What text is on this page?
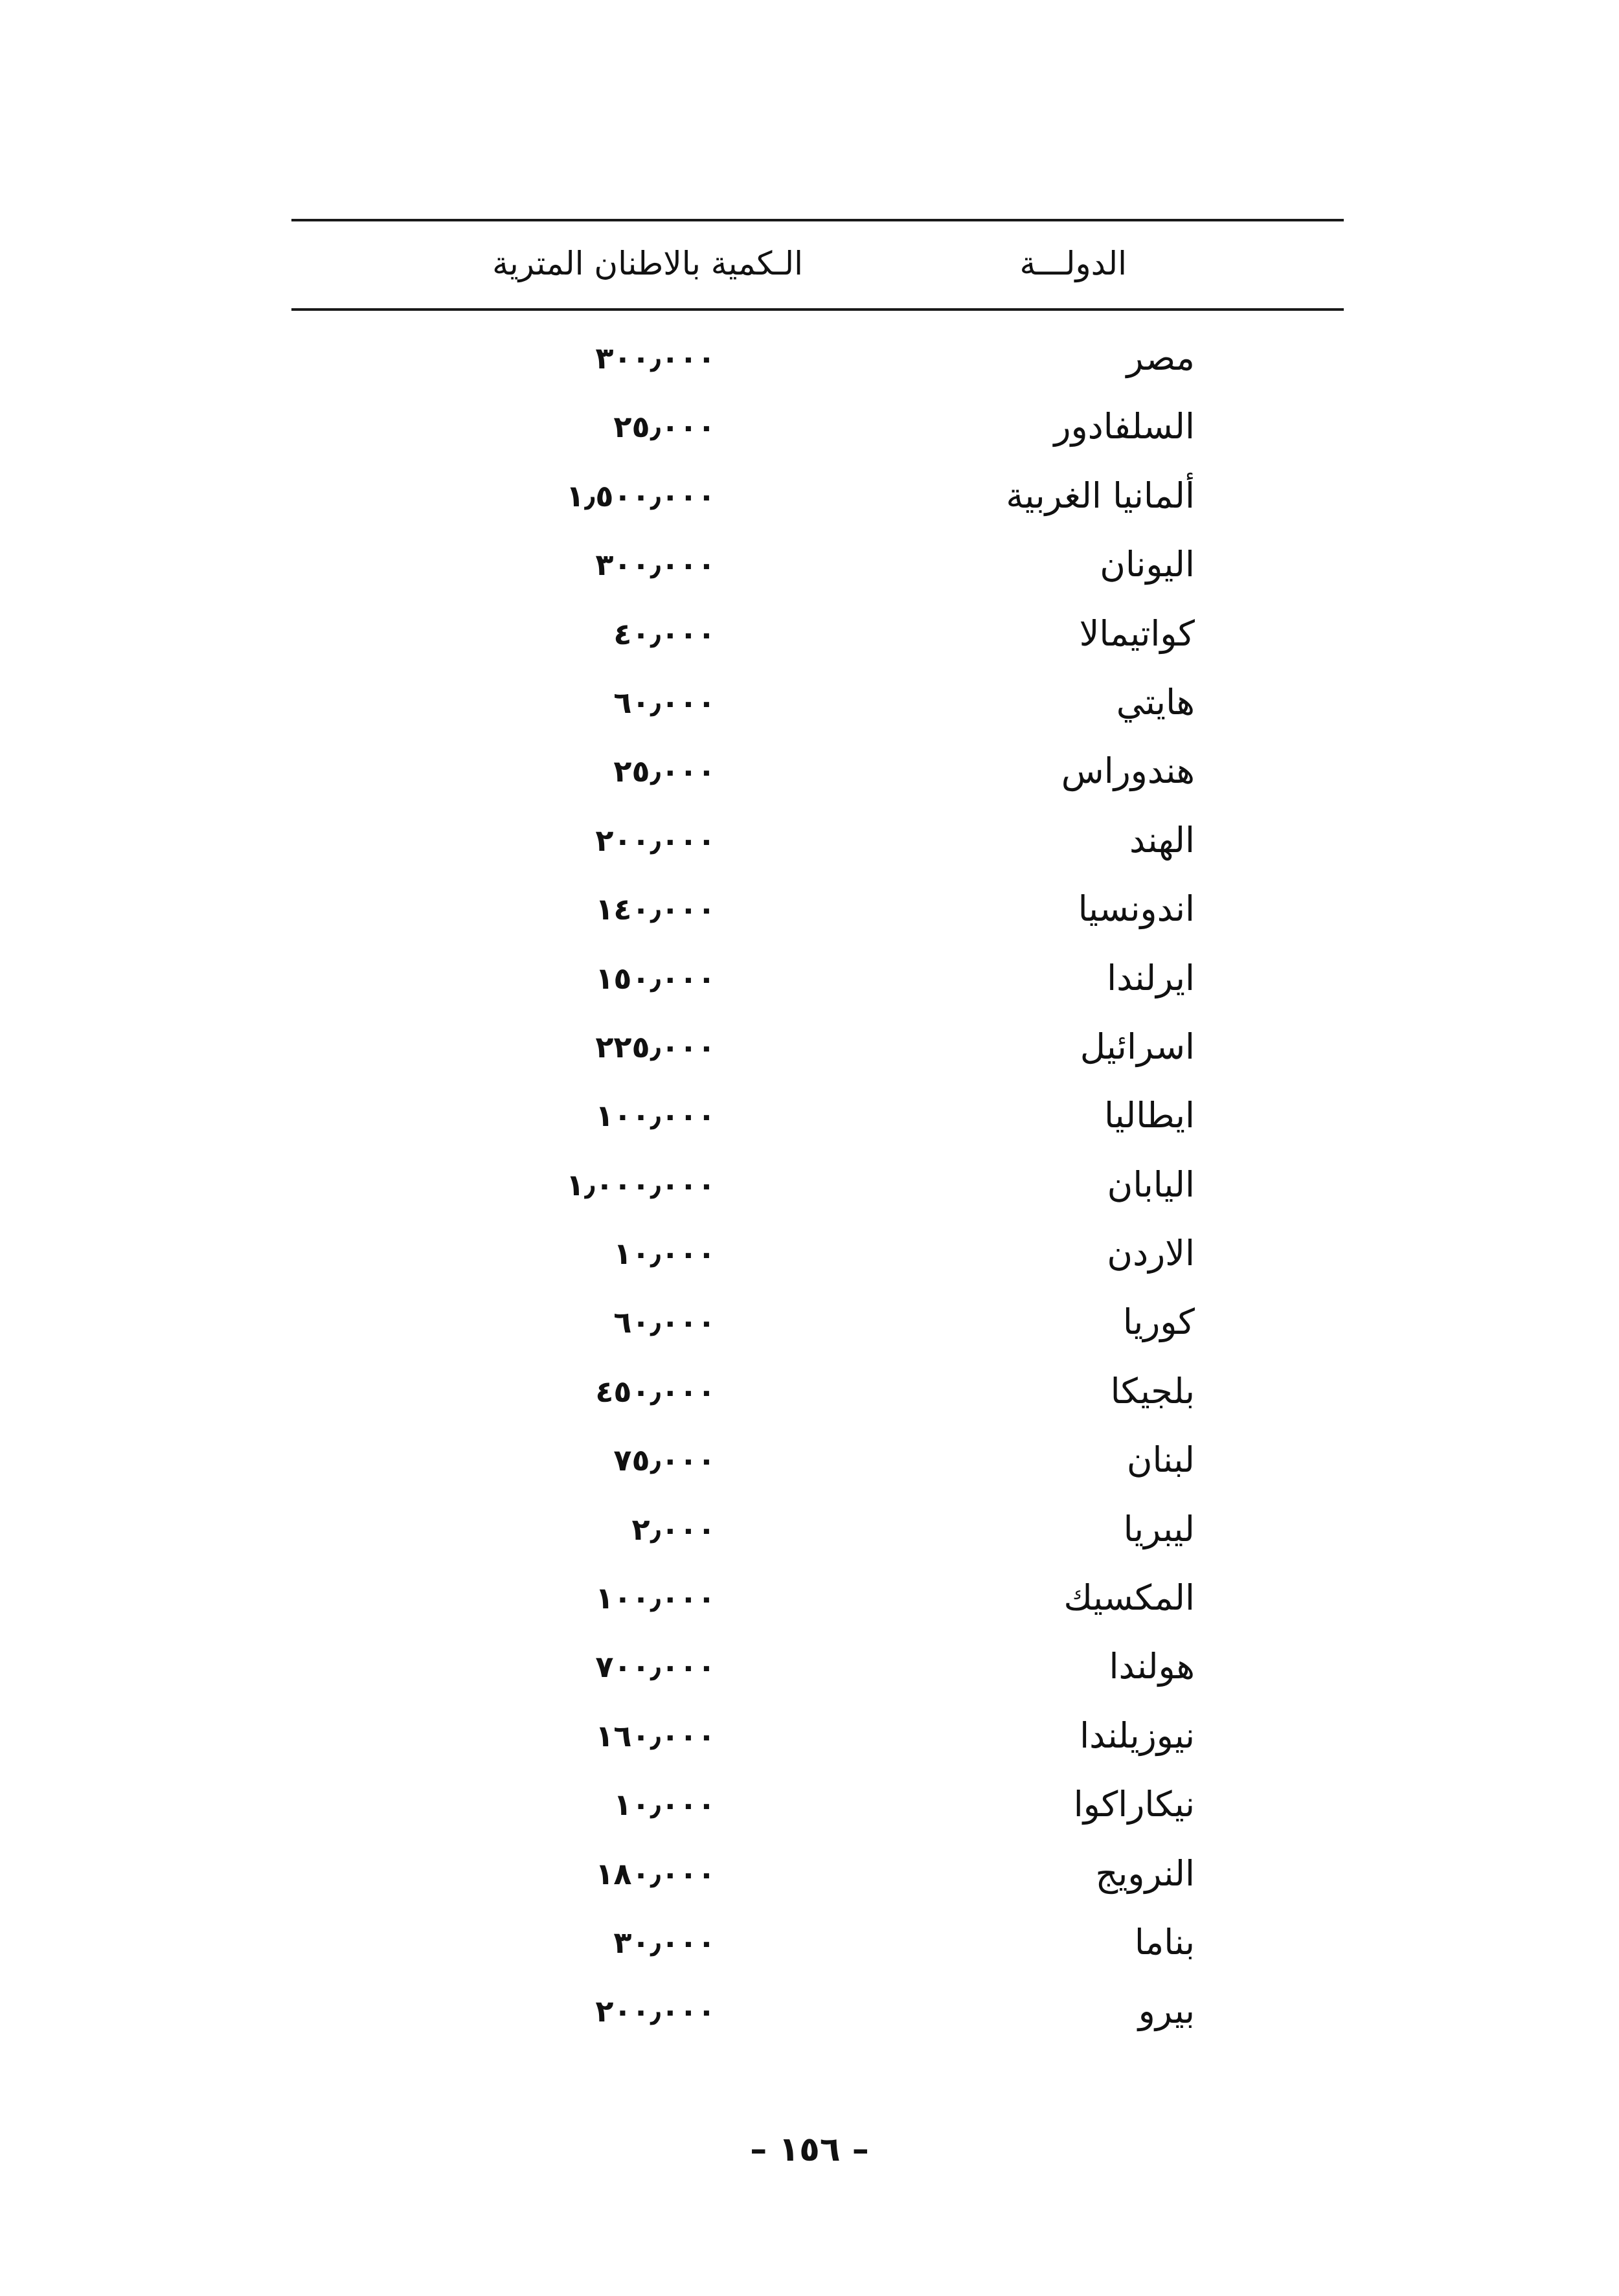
الدولـــة
الـكمية بالاطنان المترية
مصر
٣٠٠٫٠٠٠
السلفادور
٢٥٫٠٠٠
ألمانيا الغربية
١٫٥٠٠٫٠٠٠
اليونان
٣٠٠٫٠٠٠
كواتيمالا
٤٠٫٠٠٠
هايتي
٦٠٫٠٠٠
هندوراس
٢٥٫٠٠٠
الهند
٢٠٠٫٠٠٠
اندونسيا
١٤٠٫٠٠٠
ايرلندا
١٥٠٫٠٠٠
اسرائيل
٢٢٥٫٠٠٠
ايطاليا
١٠٠٫٠٠٠
اليابان
١٫٠٠٠٫٠٠٠
الاردن
١٠٫٠٠٠
كوريا
٦٠٫٠٠٠
بلجيكا
٤٥٠٫٠٠٠
لبنان
٧٥٫٠٠٠
ليبريا
٢٫٠٠٠
المكسيك
١٠٠٫٠٠٠
هولندا
٧٠٠٫٠٠٠
نيوزيلندا
١٦٠٫٠٠٠
نيكاراكوا
١٠٫٠٠٠
النرويج
١٨٠٫٠٠٠
بناما
٣٠٫٠٠٠
بيرو
٢٠٠٫٠٠٠
– ١٥٦ –
